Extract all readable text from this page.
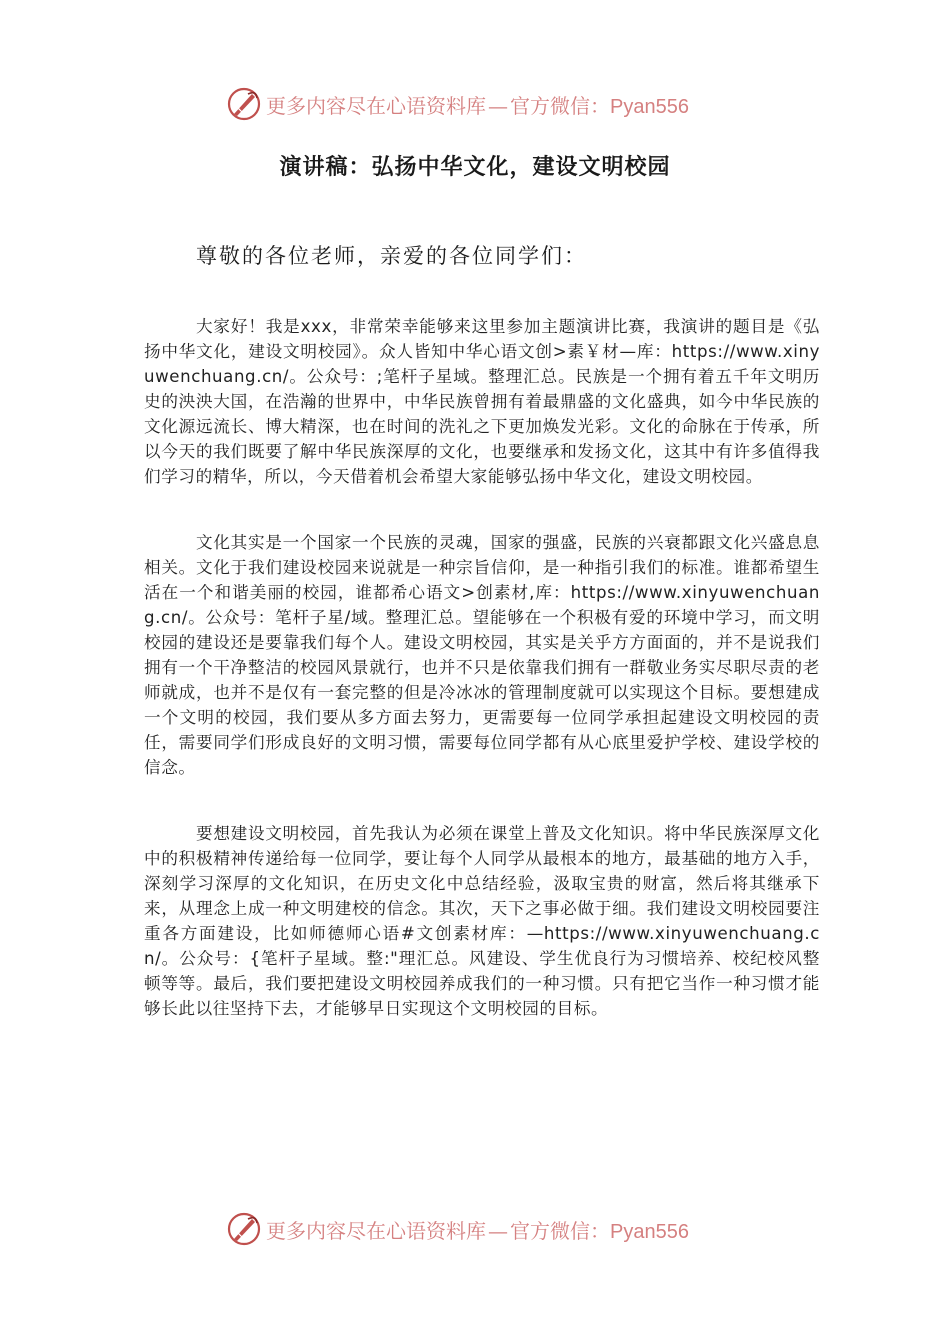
更多内容尽在心语资料库 — 官方微信：Pyan556
演讲稿：弘扬中华文化，建设文明校园
尊敬的各位老师，亲爱的各位同学们：

大家好！我是xxx，非常荣幸能够来这里参加主题演讲比赛，我演讲的题目是《弘扬中华文化，建设文明校园》。众人皆知中华心语文创>素￥材—库：https://www.xinyuwenchuang.cn/。公众号：;笔杆子星域。整理汇总。民族是一个拥有着五千年文明历史的泱泱大国，在浩瀚的世界中，中华民族曾拥有着最鼎盛的文化盛典，如今中华民族的文化源远流长、博大精深，也在时间的洗礼之下更加焕发光彩。文化的命脉在于传承，所以今天的我们既要了解中华民族深厚的文化，也要继承和发扬文化，这其中有许多值得我们学习的精华，所以，今天借着机会希望大家能够弘扬中华文化，建设文明校园。

文化其实是一个国家一个民族的灵魂，国家的强盛，民族的兴衰都跟文化兴盛息息相关。文化于我们建设校园来说就是一种宗旨信仰，是一种指引我们的标准。谁都希望生活在一个和谐美丽的校园，谁都希心语文>创素材,库：https://www.xinyuwenchuang.cn/。公众号：笔杆子星/域。整理汇总。望能够在一个积极有爱的环境中学习，而文明校园的建设还是要靠我们每个人。建设文明校园，其实是关乎方方面面的，并不是说我们拥有一个干净整洁的校园风景就行，也并不只是依靠我们拥有一群敬业务实尽职尽责的老师就成，也并不是仅有一套完整的但是冷冰冰的管理制度就可以实现这个目标。要想建成一个文明的校园，我们要从多方面去努力，更需要每一位同学承担起建设文明校园的责任，需要同学们形成良好的文明习惯，需要每位同学都有从心底里爱护学校、建设学校的信念。

要想建设文明校园，首先我认为必须在课堂上普及文化知识。将中华民族深厚文化中的积极精神传递给每一位同学，要让每个人同学从最根本的地方，最基础的地方入手，深刻学习深厚的文化知识，在历史文化中总结经验，汲取宝贵的财富，然后将其继承下来，从理念上成一种文明建校的信念。其次，天下之事必做于细。我们建设文明校园要注重各方面建设，比如师德师心语#文创素材库：—https://www.xinyuwenchuang.cn/。公众号：{笔杆子星域。整:"理汇总。风建设、学生优良行为习惯培养、校纪校风整顿等等。最后，我们要把建设文明校园养成我们的一种习惯。只有把它当作一种习惯才能够长此以往坚持下去，才能够早日实现这个文明校园的目标。

更多内容尽在心语资料库 — 官方微信：Pyan556
